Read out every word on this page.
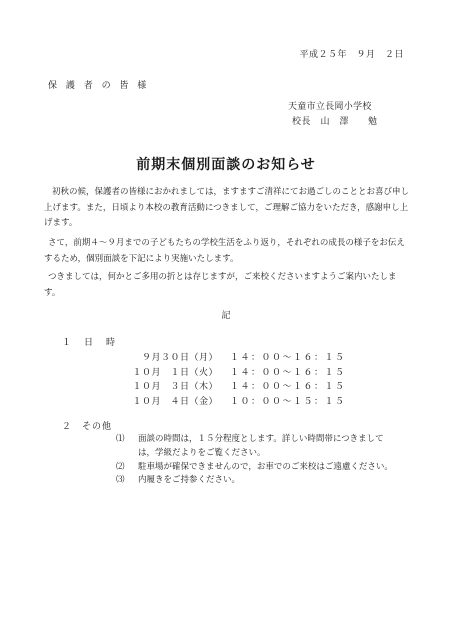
平成２５年　９月　２日
保 護 者 の 皆 様
天童市立長岡小学校
校長　山　澤　　勉
前期末個別面談のお知らせ
初秋の候，保護者の皆様におかれましては，ますますご清祥にてお過ごしのこととお喜び申し上げます。また，日頃より本校の教育活動につきまして，ご理解ご協力をいただき，感謝申し上げます。
さて，前期４～９月までの子どもたちの学校生活をふり返り，それぞれの成長の様子をお伝えするため，個別面談を下記により実施いたします。
つきましては，何かとご多用の折とは存じますが，ご来校くださいますようご案内いたします。
記
１　日　時
９月３０日（月）	１４：００～１６：１５
１０月　１日（火）	１４：００～１６：１５
１０月　３日（木）	１４：００～１６：１５
１０月　４日（金）	１０：００～１５：１５
２　その他
⑴ 面談の時間は，１５分程度とします。詳しい時間帯につきまして
は，学級だよりをご覧ください。
⑵ 駐車場が確保できませんので，お車でのご来校はご遠慮ください。
⑶ 内履きをご持参ください。
